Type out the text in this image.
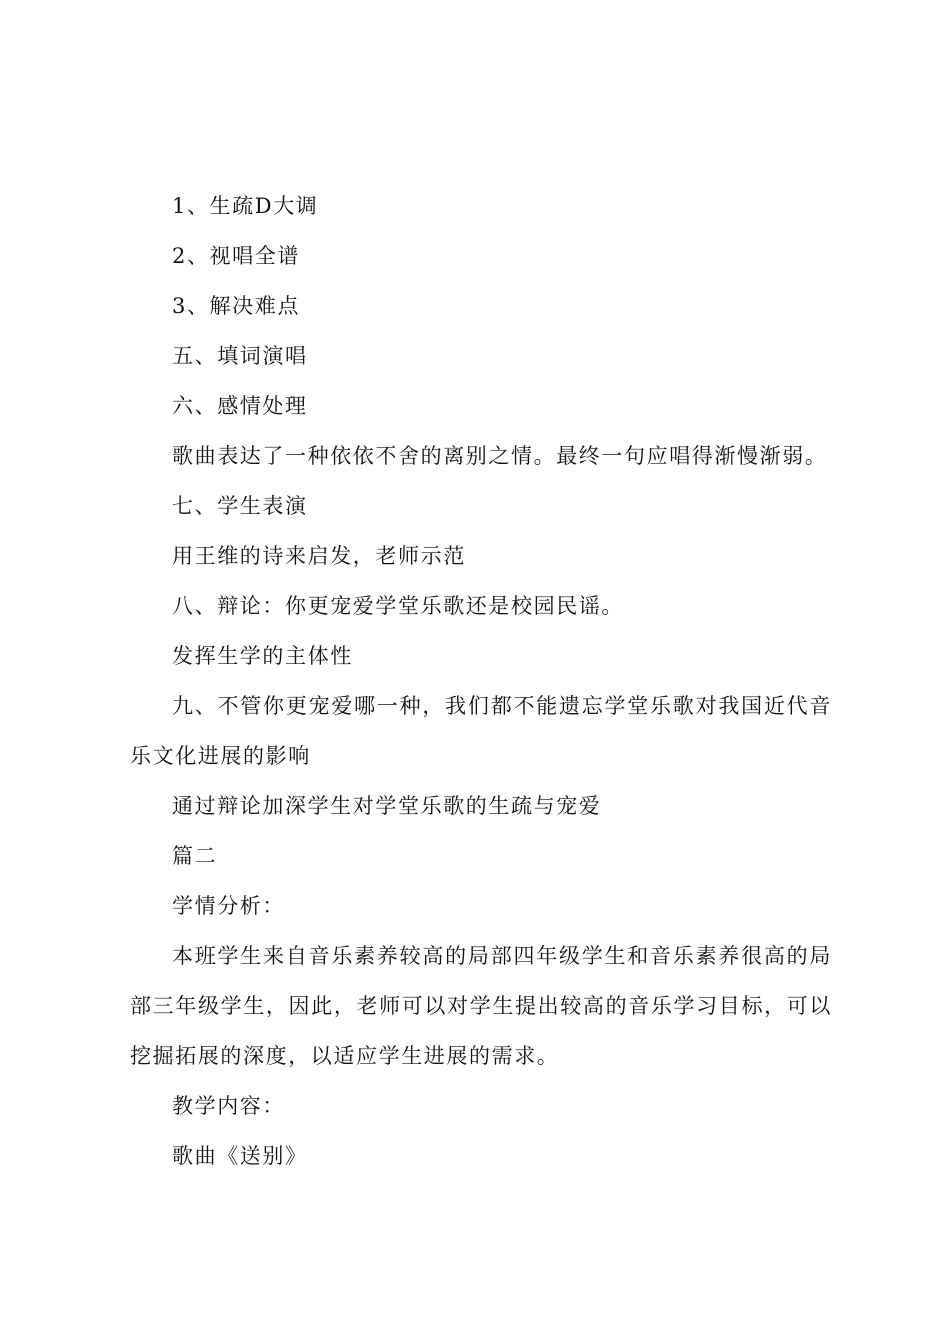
1、生疏D大调

2、视唱全谱

3、解决难点

五、填词演唱

六、感情处理

歌曲表达了一种依依不舍的离别之情。最终一句应唱得渐慢渐弱。

七、学生表演

用王维的诗来启发，老师示范

八、辩论：你更宠爱学堂乐歌还是校园民谣。

发挥生学的主体性

九、不管你更宠爱哪一种，我们都不能遗忘学堂乐歌对我国近代音乐文化进展的影响

通过辩论加深学生对学堂乐歌的生疏与宠爱

篇二

学情分析：

本班学生来自音乐素养较高的局部四年级学生和音乐素养很高的局部三年级学生，因此，老师可以对学生提出较高的音乐学习目标，可以挖掘拓展的深度，以适应学生进展的需求。

教学内容：

歌曲《送别》
